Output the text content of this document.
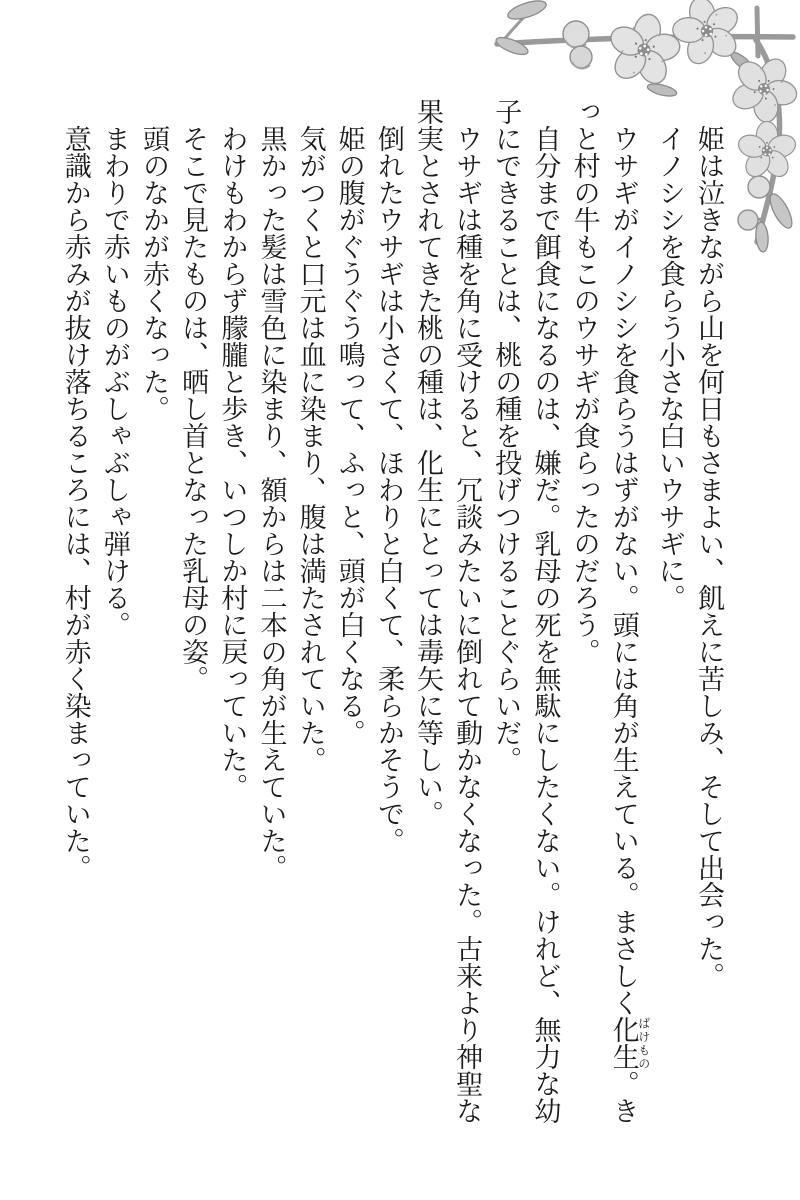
姫は泣きながら山を何日もさまよい、飢えに苦しみ、そして出会った。

イノシシを食らう小さな白いウサギに。

ウサギがイノシシを食らうはずがない。頭には角が生えている。まさしく化生ばけもの。きっと村の牛もこのウサギが食らったのだろう。

自分まで餌食になるのは、嫌だ。乳母の死を無駄にしたくない。けれど、無力な幼子にできることは、桃の種を投げつけることぐらいだ。

ウサギは種を角に受けると、冗談みたいに倒れて動かなくなった。古来より神聖な果実とされてきた桃の種は、化生にとっては毒矢に等しい。

倒れたウサギは小さくて、ほわりと白くて、柔らかそうで。

姫の腹がぐうぐう鳴って、ふっと、頭が白くなる。

気がつくと口元は血に染まり、腹は満たされていた。

黒かった髪は雪色に染まり、額からは二本の角が生えていた。

わけもわからず朦朧と歩き、いつしか村に戻っていた。

そこで見たものは、晒し首となった乳母の姿。

頭のなかが赤くなった。

まわりで赤いものがぶしゃぶしゃ弾ける。

意識から赤みが抜け落ちるころには、村が赤く染まっていた。
